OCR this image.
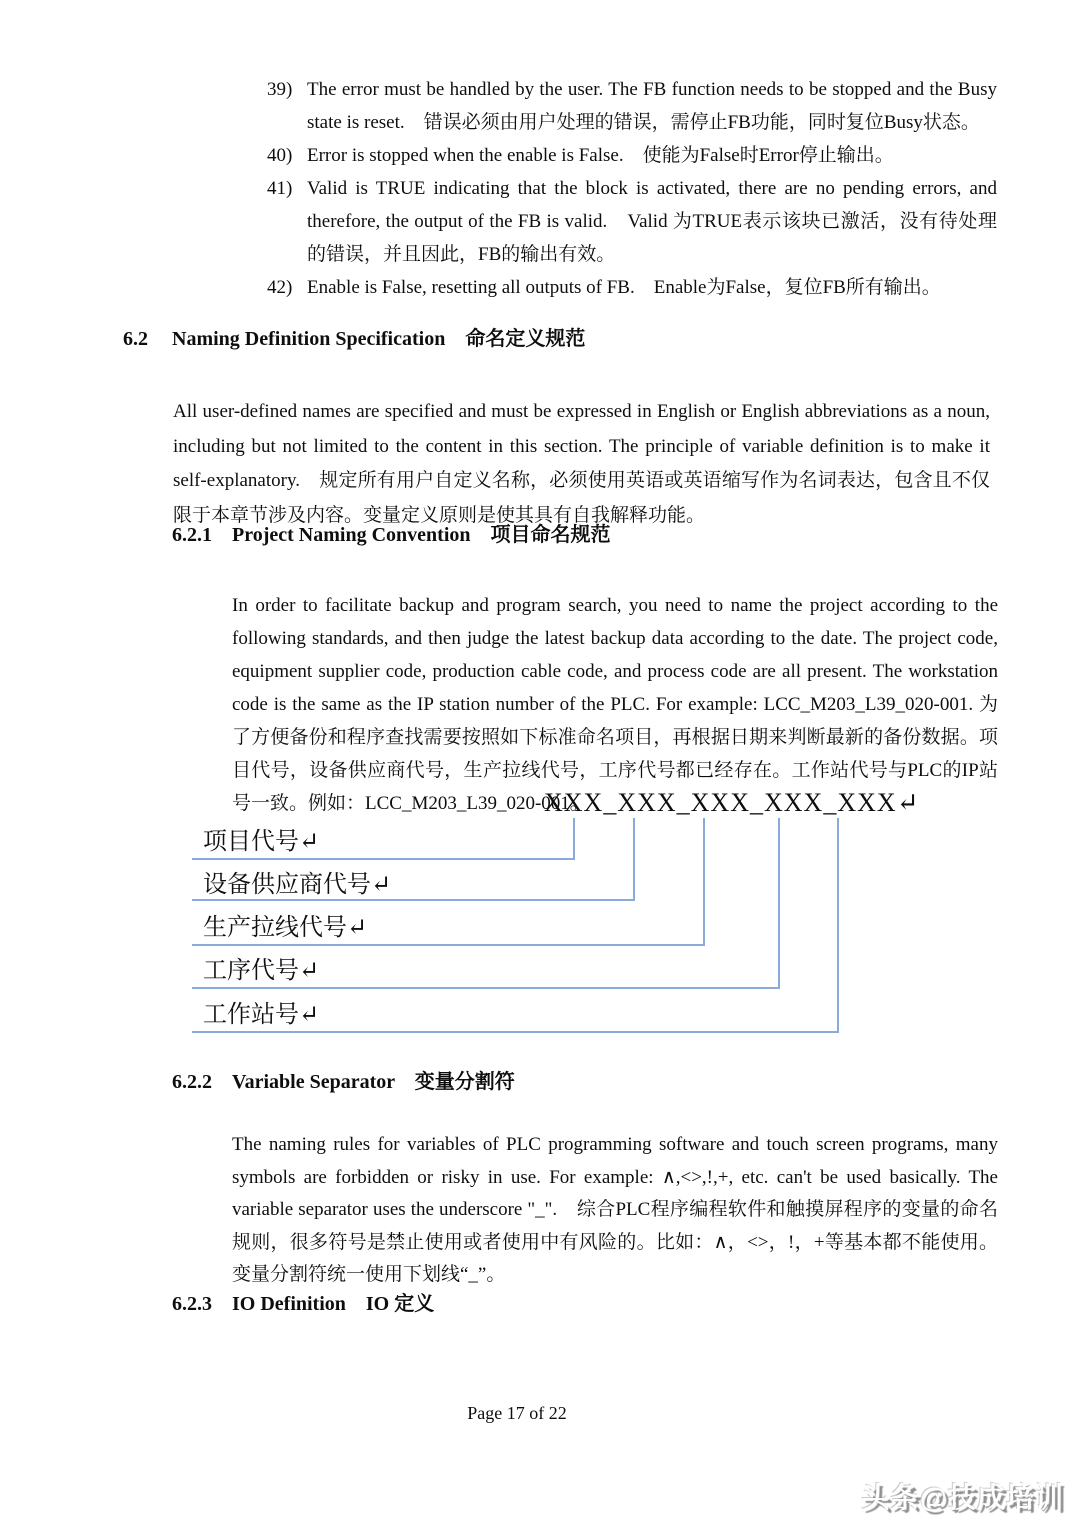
39) The error must be handled by the user. The FB function needs to be stopped and the Busy state is reset.　错误必须由用户处理的错误，需停止FB功能，同时复位Busy状态。
40) Error is stopped when the enable is False.　使能为False时Error停止输出。
41) Valid is TRUE indicating that the block is activated, there are no pending errors, and therefore, the output of the FB is valid.　Valid 为TRUE表示该块已激活，没有待处理的错误，并且因此，FB的输出有效。
42) Enable is False, resetting all outputs of FB.　Enable为False，复位FB所有输出。
6.2	Naming Definition Specification　命名定义规范

All user-defined names are specified and must be expressed in English or English abbreviations as a noun, including but not limited to the content in this section. The principle of variable definition is to make it self-explanatory.　规定所有用户自定义名称，必须使用英语或英语缩写作为名词表达，包含且不仅限于本章节涉及内容。变量定义原则是使其具有自我解释功能。

6.2.1	Project Naming Convention　项目命名规范

In order to facilitate backup and program search, you need to name the project according to the following standards, and then judge the latest backup data according to the date. The project code, equipment supplier code, production cable code, and process code are all present. The workstation code is the same as the IP station number of the PLC. For example: LCC_M203_L39_020-001. 为了方便备份和程序查找需要按照如下标准命名项目，再根据日期来判断最新的备份数据。项目代号，设备供应商代号，生产拉线代号，工序代号都已经存在。工作站代号与PLC的IP站号一致。例如：LCC_M203_L39_020-001。

XXX_XXX_XXX_XXX_XXX↵
项目代号↵
设备供应商代号↵
生产拉线代号↵
工序代号↵
工作站号↵
6.2.2	Variable Separator　变量分割符

The naming rules for variables of PLC programming software and touch screen programs, many symbols are forbidden or risky in use. For example: ∧,<>,!,+, etc. can't be used basically. The variable separator uses the underscore "_".　综合PLC程序编程软件和触摸屏程序的变量的命名规则，很多符号是禁止使用或者使用中有风险的。比如：∧，<>，!，+等基本都不能使用。变量分割符统一使用下划线“_”。

6.2.3	IO Definition　IO 定义
Page 17 of 22
头条@技成培训
